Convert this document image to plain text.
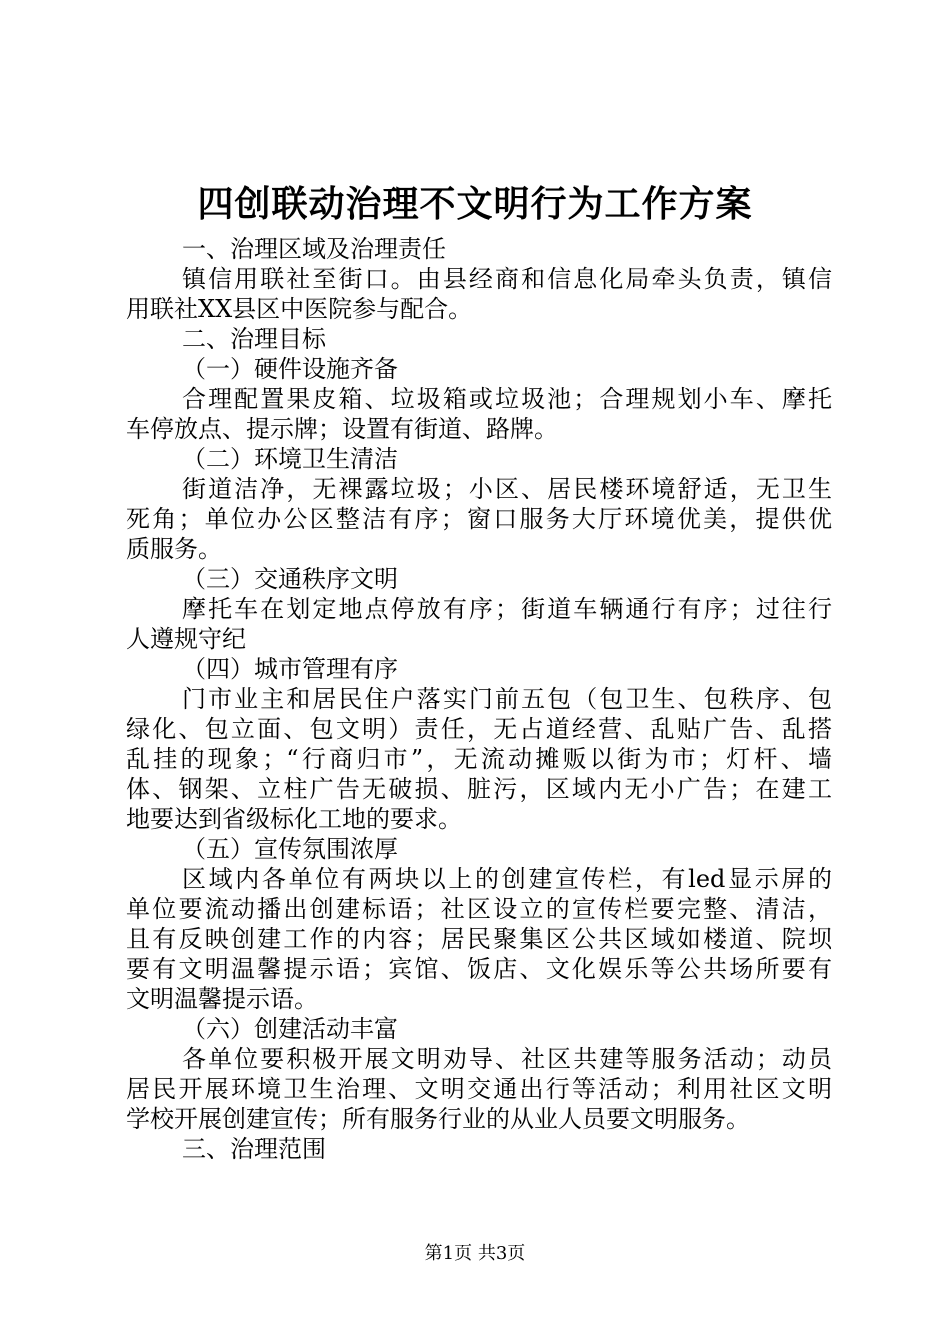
四创联动治理不文明行为工作方案
一、治理区域及治理责任
镇信用联社至街口。由县经商和信息化局牵头负责，镇信
用联社XX县区中医院参与配合。
二、治理目标
（一）硬件设施齐备
合理配置果皮箱、垃圾箱或垃圾池；合理规划小车、摩托
车停放点、提示牌；设置有街道、路牌。
（二）环境卫生清洁
街道洁净，无裸露垃圾；小区、居民楼环境舒适，无卫生
死角；单位办公区整洁有序；窗口服务大厅环境优美，提供优
质服务。
（三）交通秩序文明
摩托车在划定地点停放有序；街道车辆通行有序；过往行
人遵规守纪
（四）城市管理有序
门市业主和居民住户落实门前五包（包卫生、包秩序、包
绿化、包立面、包文明）责任，无占道经营、乱贴广告、乱搭
乱挂的现象；“行商归市”，无流动摊贩以街为市；灯杆、墙
体、钢架、立柱广告无破损、脏污，区域内无小广告；在建工
地要达到省级标化工地的要求。
（五）宣传氛围浓厚
区域内各单位有两块以上的创建宣传栏，有led显示屏的
单位要流动播出创建标语；社区设立的宣传栏要完整、清洁，
且有反映创建工作的内容；居民聚集区公共区域如楼道、院坝
要有文明温馨提示语；宾馆、饭店、文化娱乐等公共场所要有
文明温馨提示语。
（六）创建活动丰富
各单位要积极开展文明劝导、社区共建等服务活动；动员
居民开展环境卫生治理、文明交通出行等活动；利用社区文明
学校开展创建宣传；所有服务行业的从业人员要文明服务。
三、治理范围
第1页 共3页
